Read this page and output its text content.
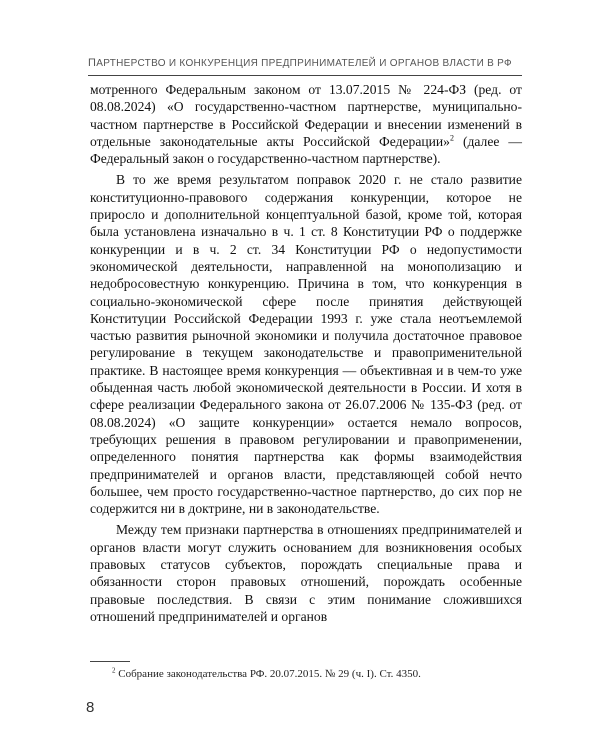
ПАРТНЕРСТВО И КОНКУРЕНЦИЯ ПРЕДПРИНИМАТЕЛЕЙ И ОРГАНОВ ВЛАСТИ В РФ

мотренного Федеральным законом от 13.07.2015 № 224-ФЗ (ред. от 08.08.2024) «О государственно-частном партнерстве, муниципально-частном партнерстве в Российской Федерации и внесении изменений в отдельные законодательные акты Российской Федерации»$^2$ (далее — Федеральный закон о государственно-частном партнерстве).

В то же время результатом поправок 2020 г. не стало развитие конституционно-правового содержания конкуренции, которое не приросло и дополнительной концептуальной базой, кроме той, которая была установлена изначально в ч. 1 ст. 8 Конституции РФ о поддержке конкуренции и в ч. 2 ст. 34 Конституции РФ о недопустимости экономической деятельности, направленной на монополизацию и недобросовестную конкуренцию. Причина в том, что конкуренция в социально-экономической сфере после принятия действующей Конституции Российской Федерации 1993 г. уже стала неотъемлемой частью развития рыночной экономики и получила достаточное правовое регулирование в текущем законодательстве и правоприменительной практике. В настоящее время конкуренция — объективная и в чем-то уже обыденная часть любой экономической деятельности в России. И хотя в сфере реализации Федерального закона от 26.07.2006 № 135-ФЗ (ред. от 08.08.2024) «О защите конкуренции» остается немало вопросов, требующих решения в правовом регулировании и правоприменении, определенного понятия партнерства как формы взаимодействия предпринимателей и органов власти, представляющей собой нечто большее, чем просто государственно-частное партнерство, до сих пор не содержится ни в доктрине, ни в законодательстве.

Между тем признаки партнерства в отношениях предпринимателей и органов власти могут служить основанием для возникновения особых правовых статусов субъектов, порождать специальные права и обязанности сторон правовых отношений, порождать особенные правовые последствия. В связи с этим понимание сложившихся отношений предпринимателей и органов

$^2$ Собрание законодательства РФ. 20.07.2015. № 29 (ч. I). Ст. 4350.
8
